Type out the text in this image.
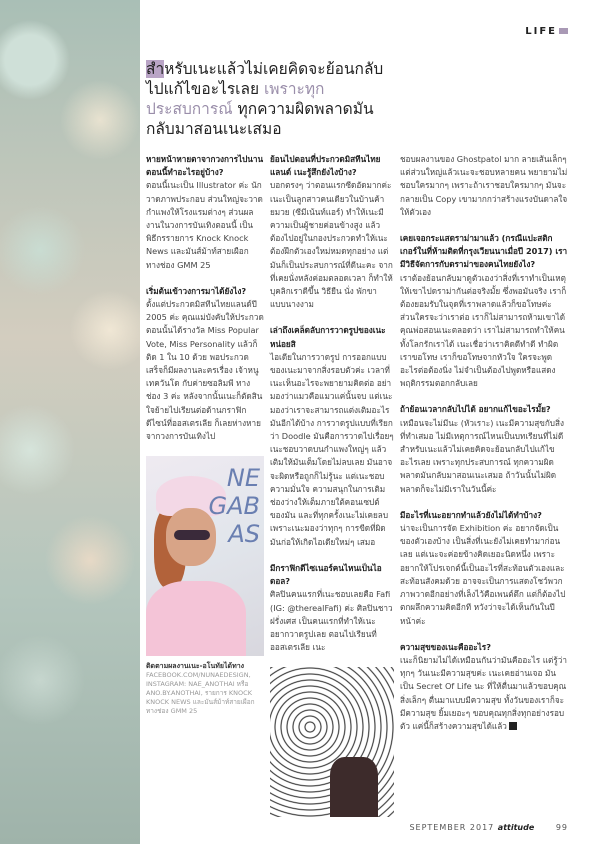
LIFE
สำหรับเนะแล้วไม่เคยคิดจะย้อนกลับไปแก้ไขอะไรเลย เพราะทุกประสบการณ์ ทุกความผิดพลาดมันกลับมาสอนเนะเสมอ

หายหน้าหายตาจากวงการไปนาน ตอนนี้ทำอะไรอยู่บ้าง?
ตอนนี้เนะเป็น Illustrator ค่ะ นักวาดภาพประกอบ ส่วนใหญ่จะวาดกำแพงให้โรงแรมต่างๆ ส่วนผลงานในวงการบันเทิงตอนนี้ เป็นพิธีกรรายการ Knock Knock News และมันส์ม้าท์สายเผือก ทางช่อง GMM 25

เริ่มต้นเข้าวงการมาได้ยังไง?
ตั้งแต่ประกวดมิสทีนไทยแลนด์ปี 2005 ค่ะ คุณแม่บังคับให้ประกวด ตอนนั้นได้รางวัล Miss Popular Vote, Miss Personality แล้วก็ติด 1 ใน 10 ด้วย พอประกวดเสร็จก็มีผลงานละครเรื่อง เจ้าหนูเทควันโด กับค่ายซอลิมพี ทางช่อง 3 ค่ะ หลังจากนั้นเนะก็ตัดสินใจย้ายไปเรียนต่อด้านกราฟิกดีไซน์ที่ออสเตรเลีย ก็เลยห่างหายจากวงการบันเทิงไป

NE GAB AS
ติดตามผลงานเนะ-อโนทัยได้ทาง
FACEBOOK.COM/NUNAEDESIGN, INSTAGRAM: NAE_ANOTHAI หรือ ANO.BY.ANOTHAI, รายการ KNOCK KNOCK NEWS และมันส์ม้าท์สายเผือก ทางช่อง GMM 25

ย้อนไปตอนที่ประกวดมิสทีนไทยแลนด์ เนะรู้สึกยังไงบ้าง?
บอกตรงๆ ว่าตอนแรกซีดอัดมากค่ะ เนะเป็นลูกสาวคนเดียวในบ้านค้ายมวย (ซีมีเน้นท์แอร์) ทำให้เนะมีความเป็นผู้ชายค่อนข้างสูง แล้วต้องไปอยู่ในกองประกวดทำให้เนะต้องฝึกตัวเองใหม่หมดทุกอย่าง แต่มันก็เป็นประสบการณ์ที่ดีนะคะ จากที่เคยนั่งหลังค่อมตลอดเวลา ก็ทำให้บุคลิกเราดีขึ้น วิธียืน นั่ง พักขา แบบนางงาม

เล่าถึงเคล็ดลับการวาดรูปของเนะหน่อยสิ
ไอเดียในการวาดรูป การออกแบบของเนะมาจากสิ่งรอบตัวค่ะ เวลาที่เนะเห็นอะไรจะพยายามคิดต่อ อย่ามองว่าแมวคือแมวแค่นั้นจบ แต่เนะมองว่าเราจะสามารถแต่งเติมอะไรมันอีกได้บ้าง การวาดรูปแบบที่เรียกว่า Doodle มันคือการวาดไปเรื่อยๆ เนะชอบวาดบนกำแพงใหญ่ๆ แล้วเติมให้มันเต็มโดยไม่ลบเลย มันอาจจะผิดหรือถูกก็ไม่รู้นะ แต่เนะชอบความมั่นใจ ความสนุกในการเติมช่องว่างให้เต็มภายใต้คอนเซปต์ของมัน และที่ทุกครั้งเนะไม่เคยลบเพราะเนะมองว่าทุกๆ การขีดที่ผิด มันก่อให้เกิดไอเดียใหม่ๆ เสมอ

มีกราฟิกดีไซเนอร์คนไหนเป็นไอดอล?
ศิลปินคนแรกที่เนะชอบเลยคือ Fafi (IG: @therealFafi) ค่ะ ศิลปินชาวฝรั่งเศส เป็นคนแรกที่ทำให้เนะอยากวาดรูปเลย ตอนไปเรียนที่ออสเตรเลีย เนะ

ชอบผลงานของ Ghostpatol มาก ลายเส้นเล็กๆ แต่ส่วนใหญ่แล้วเนะจะชอบหลายคน พยายามไม่ชอบใครมากๆ เพราะถ้าเราชอบใครมากๆ มันจะกลายเป็น Copy เขามากกว่าสร้างแรงบันดาลใจให้ตัวเอง

เคยเจอกระแสดราม่ามาแล้ว (กรณีแปะสติกเกอร์ในที่ห้ามติดที่กรุงเวียนนาเมื่อปี 2017) เรามีวิธีจัดการกับดราม่าของคนไทยยังไง?
เราต้องย้อนกลับมาดูตัวเองว่าสิ่งที่เราทำเป็นเหตุให้เขาไปดราม่ากันต่อจริงมั้ย ซึ่งพอมันจริง เราก็ต้องยอมรับในจุดที่เราพลาดแล้วก็ขอโทษค่ะ ส่วนใครจะว่าเราต่อ เราก็ไม่สามารถห้ามเขาได้ คุณพ่อสอนเนะตลอดว่า เราไม่สามารถทำให้คนทั้งโลกรักเราได้ เนะเชื่อว่าเราคิดดีทำดี ทำผิดเราขอโทษ เราก็ขอโทษจากหัวใจ ใครจะพูดอะไรต่อต้องนิ่ง ไม่จำเป็นต้องไปพูดหรือแสดงพฤติกรรมตอกกลับเลย

ถ้าย้อนเวลากลับไปได้ อยากแก้ไขอะไรมั้ย?
เหมือนจะไม่มีนะ (หัวเราะ) เนะมีความสุขกับสิ่งที่ทำเสมอ ไม่มีเหตุการณ์ไหนเป็นบทเรียนที่ไม่ดี สำหรับเนะแล้วไม่เคยคิดจะย้อนกลับไปแก้ไขอะไรเลย เพราะทุกประสบการณ์ ทุกความผิดพลาดมันกลับมาสอนเนะเสมอ ถ้าวันนั้นไม่ผิดพลาดก็จะไม่มีเราในวันนี้ค่ะ

มีอะไรที่เนะอยากทำแล้วยังไม่ได้ทำบ้าง?
น่าจะเป็นการจัด Exhibition ค่ะ อยากจัดเป็นของตัวเองบ้าง เป็นสิ่งที่เนะยังไม่เคยทำมาก่อนเลย แต่เนะจะค่อยข้างคิดเยอะนิดหนึ่ง เพราะอยากให้โปรเจกต์นี้เป็นอะไรที่สะท้อนตัวเองและสะท้อนสังคมด้วย อาจจะเป็นการแสดงโชว์พวกภาพวาดอีกอย่างที่เล็งไว้คือเพนต์ตึก แต่ก็ต้องไปตกผลึกความคิดอีกที หวังว่าจะได้เห็นกันในปีหน้าค่ะ

ความสุขของเนะคืออะไร?
เนะก็นิยามไม่ได้เหมือนกันว่ามันคืออะไร แต่รู้ว่าทุกๆ วันเนะมีความสุขค่ะ เนะเคยอ่านเจอ มันเป็น Secret Of Life นะ ที่ให้ตื่นมาแล้วขอบคุณสิ่งเล็กๆ ตื่นมาแบบมีความสุข ทั้งวันของเราก็จะมีความสุข ยิ้มเยอะๆ ขอบคุณทุกสิ่งทุกอย่างรอบตัว แค่นี้ก็สร้างความสุขได้แล้ว

SEPTEMBER 2017 attitude	99
